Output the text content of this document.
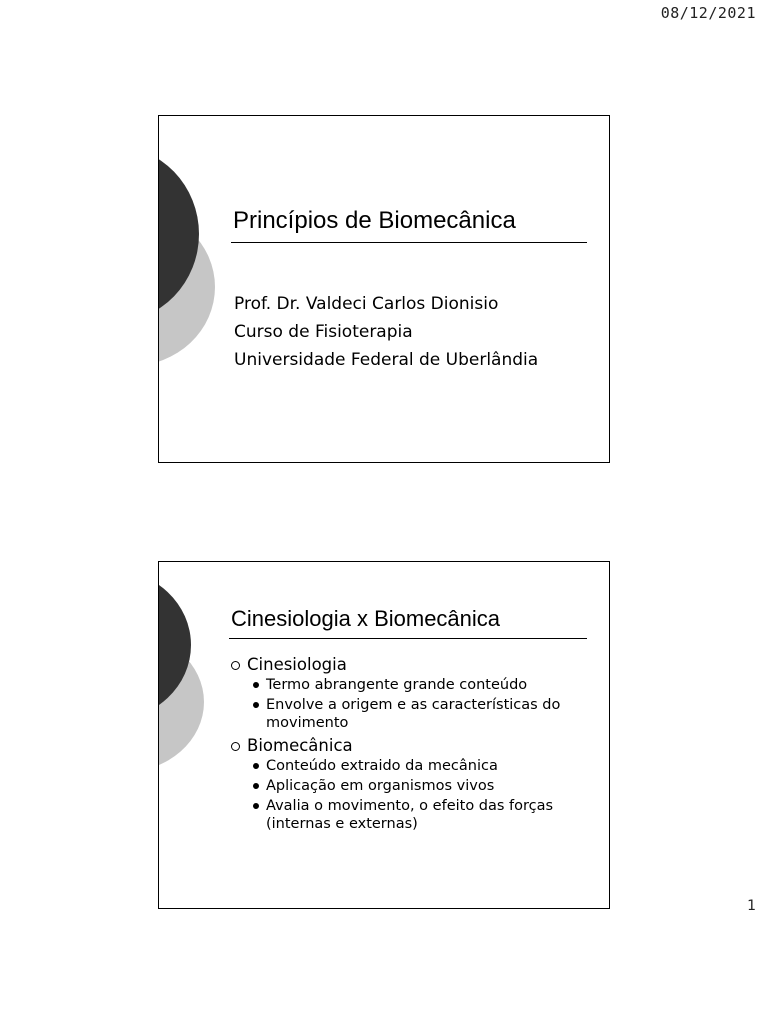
08/12/2021
Princípios de Biomecânica
Prof. Dr. Valdeci Carlos Dionisio
Curso de Fisioterapia
Universidade Federal de Uberlândia
Cinesiologia x Biomecânica
Cinesiologia
Termo abrangente grande conteúdo
Envolve a origem e as características do movimento
Biomecânica
Conteúdo extraido da mecânica
Aplicação em organismos vivos
Avalia o movimento, o efeito das forças (internas e externas)
1
